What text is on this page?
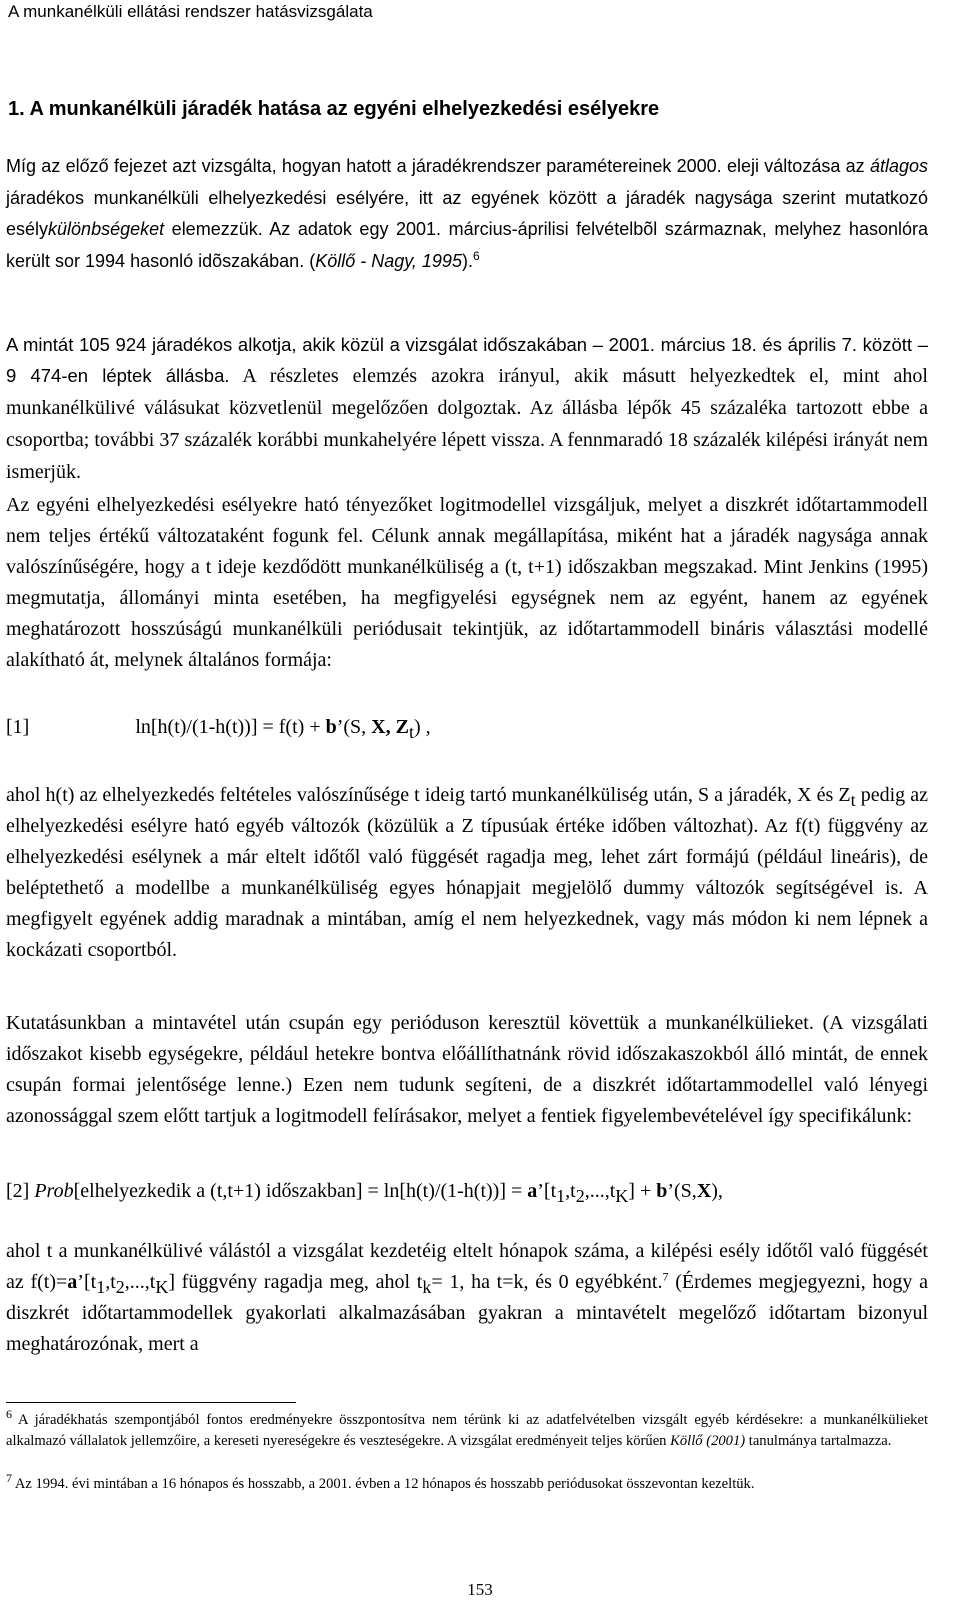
A munkanélküli ellátási rendszer hatásvizsgálata
1. A munkanélküli járadék hatása az egyéni elhelyezkedési esélyekre
Míg az előző fejezet azt vizsgálta, hogyan hatott a járadékrendszer paramétereinek 2000. eleji változása az átlagos járadékos munkanélküli elhelyezkedési esélyére, itt az egyének között a járadék nagysága szerint mutatkozó esélykülönbségeket elemezzük. Az adatok egy 2001. március-áprilisi felvételbõl származnak, melyhez hasonlóra került sor 1994 hasonló idõszakában. (Köllő - Nagy, 1995).$^6$
A mintát 105 924 járadékos alkotja, akik közül a vizsgálat időszakában – 2001. március 18. és április 7. között – 9 474-en léptek állásba. A részletes elemzés azokra irányul, akik másutt helyezkedtek el, mint ahol munkanélkülivé válásukat közvetlenül megelőzően dolgoztak. Az állásba lépők 45 százaléka tartozott ebbe a csoportba; további 37 százalék korábbi munkahelyére lépett vissza. A fennmaradó 18 százalék kilépési irányát nem ismerjük.
Az egyéni elhelyezkedési esélyekre ható tényezőket logitmodellel vizsgáljuk, melyet a diszkrét időtartammodell nem teljes értékű változataként fogunk fel. Célunk annak megállapítása, miként hat a járadék nagysága annak valószínűségére, hogy a t ideje kezdődött munkanélküliség a (t, t+1) időszakban megszakad. Mint Jenkins (1995) megmutatja, állományi minta esetében, ha megfigyelési egységnek nem az egyént, hanem az egyének meghatározott hosszúságú munkanélküli periódusait tekintjük, az időtartammodell bináris választási modellé alakítható át, melynek általános formája:
[1]	ln[h(t)/(1-h(t))] = f(t) + b’(S, X, Zt) ,
ahol h(t) az elhelyezkedés feltételes valószínűsége t ideig tartó munkanélküliség után, S a járadék, X és Zt pedig az elhelyezkedési esélyre ható egyéb változók (közülük a Z típusúak értéke időben változhat). Az f(t) függvény az elhelyezkedési esélynek a már eltelt időtől való függését ragadja meg, lehet zárt formájú (például lineáris), de beléptethető a modellbe a munkanélküliség egyes hónapjait megjelölő dummy változók segítségével is. A megfigyelt egyének addig maradnak a mintában, amíg el nem helyezkednek, vagy más módon ki nem lépnek a kockázati csoportból.
Kutatásunkban a mintavétel után csupán egy perióduson keresztül követtük a munkanélkülieket. (A vizsgálati időszakot kisebb egységekre, például hetekre bontva előállíthatnánk rövid időszakaszokból álló mintát, de ennek csupán formai jelentősége lenne.) Ezen nem tudunk segíteni, de a diszkrét időtartammodellel való lényegi azonossággal szem előtt tartjuk a logitmodell felírásakor, melyet a fentiek figyelembevételével így specifikálunk:
[2] Prob[elhelyezkedik a (t,t+1) időszakban] = ln[h(t)/(1-h(t))] = a’[t1,t2,...,tK] + b’(S,X),
ahol t a munkanélkülivé válástól a vizsgálat kezdetéig eltelt hónapok száma, a kilépési esély időtől való függését az f(t)=a’[t1,t2,...,tK] függvény ragadja meg, ahol tk= 1, ha t=k, és 0 egyébként.$^7$ (Érdemes megjegyezni, hogy a diszkrét időtartammodellek gyakorlati alkalmazásában gyakran a mintavételt megelőző időtartam bizonyul meghatározónak, mert a
$^6$ A járadékhatás szempontjából fontos eredményekre összpontosítva nem térünk ki az adatfelvételben vizsgált egyéb kérdésekre: a munkanélkülieket alkalmazó vállalatok jellemzőire, a kereseti nyereségekre és veszteségekre. A vizsgálat eredményeit teljes körűen Köllő (2001) tanulmánya tartalmazza.
$^7$ Az 1994. évi mintában a 16 hónapos és hosszabb, a 2001. évben a 12 hónapos és hosszabb periódusokat összevontan kezeltük.
153
